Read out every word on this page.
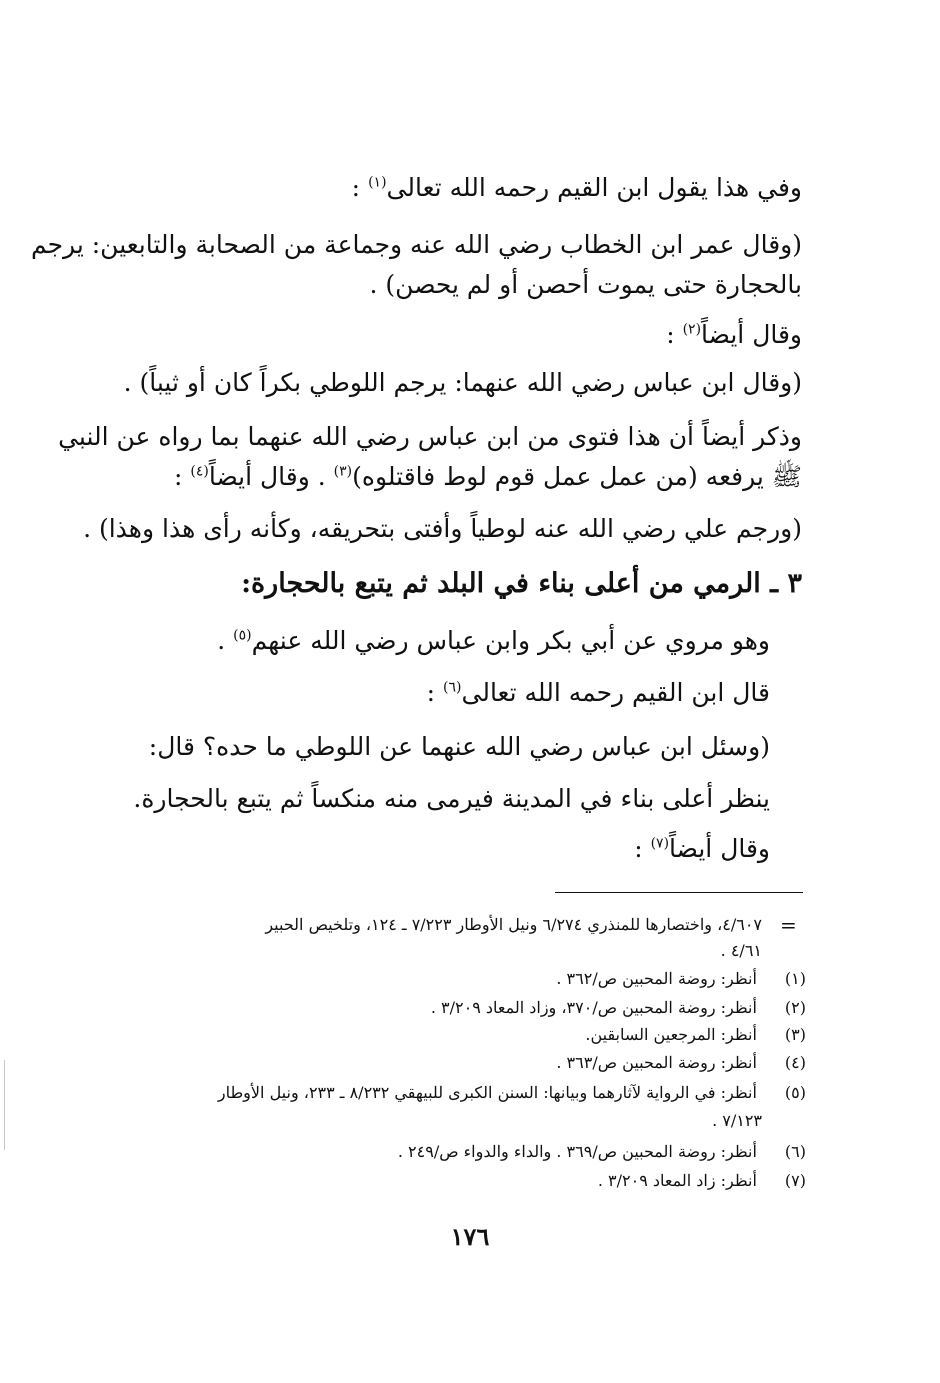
وفي هذا يقول ابن القيم رحمه الله تعالى$^{(١)}$ :
(وقال عمر ابن الخطاب رضي الله عنه وجماعة من الصحابة والتابعين: يرجم
بالحجارة حتى يموت أحصن أو لم يحصن) .
وقال أيضاً$^{(٢)}$ :
(وقال ابن عباس رضي الله عنهما: يرجم اللوطي بكراً كان أو ثيباً) .
وذكر أيضاً أن هذا فتوى من ابن عباس رضي الله عنهما بما رواه عن النبي
ﷺ يرفعه (من عمل عمل قوم لوط فاقتلوه)$^{(٣)}$ . وقال أيضاً$^{(٤)}$ :
(ورجم علي رضي الله عنه لوطياً وأفتى بتحريقه، وكأنه رأى هذا وهذا) .
٣ ـ الرمي من أعلى بناء في البلد ثم يتبع بالحجارة:
وهو مروي عن أبي بكر وابن عباس رضي الله عنهم$^{(٥)}$ .
قال ابن القيم رحمه الله تعالى$^{(٦)}$ :
(وسئل ابن عباس رضي الله عنهما عن اللوطي ما حده؟ قال:
ينظر أعلى بناء في المدينة فيرمى منه منكساً ثم يتبع بالحجارة.
وقال أيضاً$^{(٧)}$ :
=
٤/٦٠٧، واختصارها للمنذري ٦/٢٧٤ ونيل الأوطار ٧/٢٢٣ ـ ١٢٤، وتلخيص الحبير
٤/٦١ .
(١) أنظر: روضة المحبين ص/٣٦٢ .
(٢) أنظر: روضة المحبين ص/٣٧٠، وزاد المعاد ٣/٢٠٩ .
(٣) أنظر: المرجعين السابقين.
(٤) أنظر: روضة المحبين ص/٣٦٣ .
(٥) أنظر: في الرواية لآثارهما وبيانها: السنن الكبرى للبيهقي ٨/٢٣٢ ـ ٢٣٣، ونيل الأوطار
٧/١٢٣ .
(٦) أنظر: روضة المحبين ص/٣٦٩ . والداء والدواء ص/٢٤٩ .
(٧) أنظر: زاد المعاد ٣/٢٠٩ .
١٧٦
